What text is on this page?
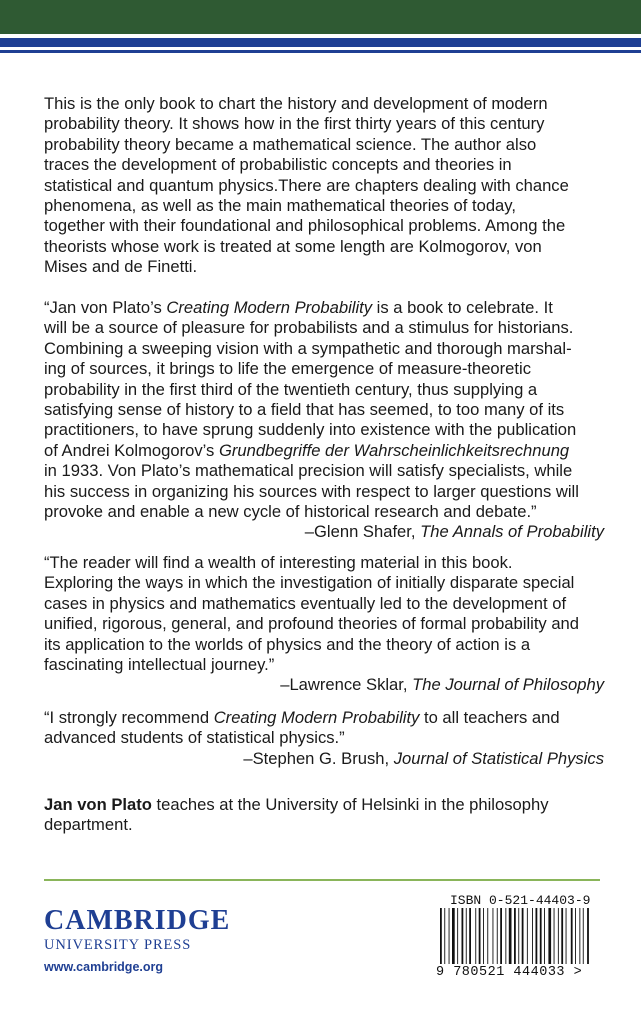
This is the only book to chart the history and development of modern
probability theory. It shows how in the first thirty years of this century
probability theory became a mathematical science. The author also
traces the development of probabilistic concepts and theories in
statistical and quantum physics.There are chapters dealing with chance
phenomena, as well as the main mathematical theories of today,
together with their foundational and philosophical problems. Among the
theorists whose work is treated at some length are Kolmogorov, von
Mises and de Finetti.
“Jan von Plato’s Creating Modern Probability is a book to celebrate. It
will be a source of pleasure for probabilists and a stimulus for historians.
Combining a sweeping vision with a sympathetic and thorough marshal-
ing of sources, it brings to life the emergence of measure-theoretic
probability in the first third of the twentieth century, thus supplying a
satisfying sense of history to a field that has seemed, to too many of its
practitioners, to have sprung suddenly into existence with the publication
of Andrei Kolmogorov’s Grundbegriffe der Wahrscheinlichkeitsrechnung
in 1933. Von Plato’s mathematical precision will satisfy specialists, while
his success in organizing his sources with respect to larger questions will
provoke and enable a new cycle of historical research and debate.”
–Glenn Shafer, The Annals of Probability
“The reader will find a wealth of interesting material in this book.
Exploring the ways in which the investigation of initially disparate special
cases in physics and mathematics eventually led to the development of
unified, rigorous, general, and profound theories of formal probability and
its application to the worlds of physics and the theory of action is a
fascinating intellectual journey.”
–Lawrence Sklar, The Journal of Philosophy
“I strongly recommend Creating Modern Probability to all teachers and
advanced students of statistical physics.”
–Stephen G. Brush, Journal of Statistical Physics
Jan von Plato teaches at the University of Helsinki in the philosophy
department.
CAMBRIDGE
UNIVERSITY PRESS
www.cambridge.org
ISBN 0-521-44403-9
9 780521 444033 >
